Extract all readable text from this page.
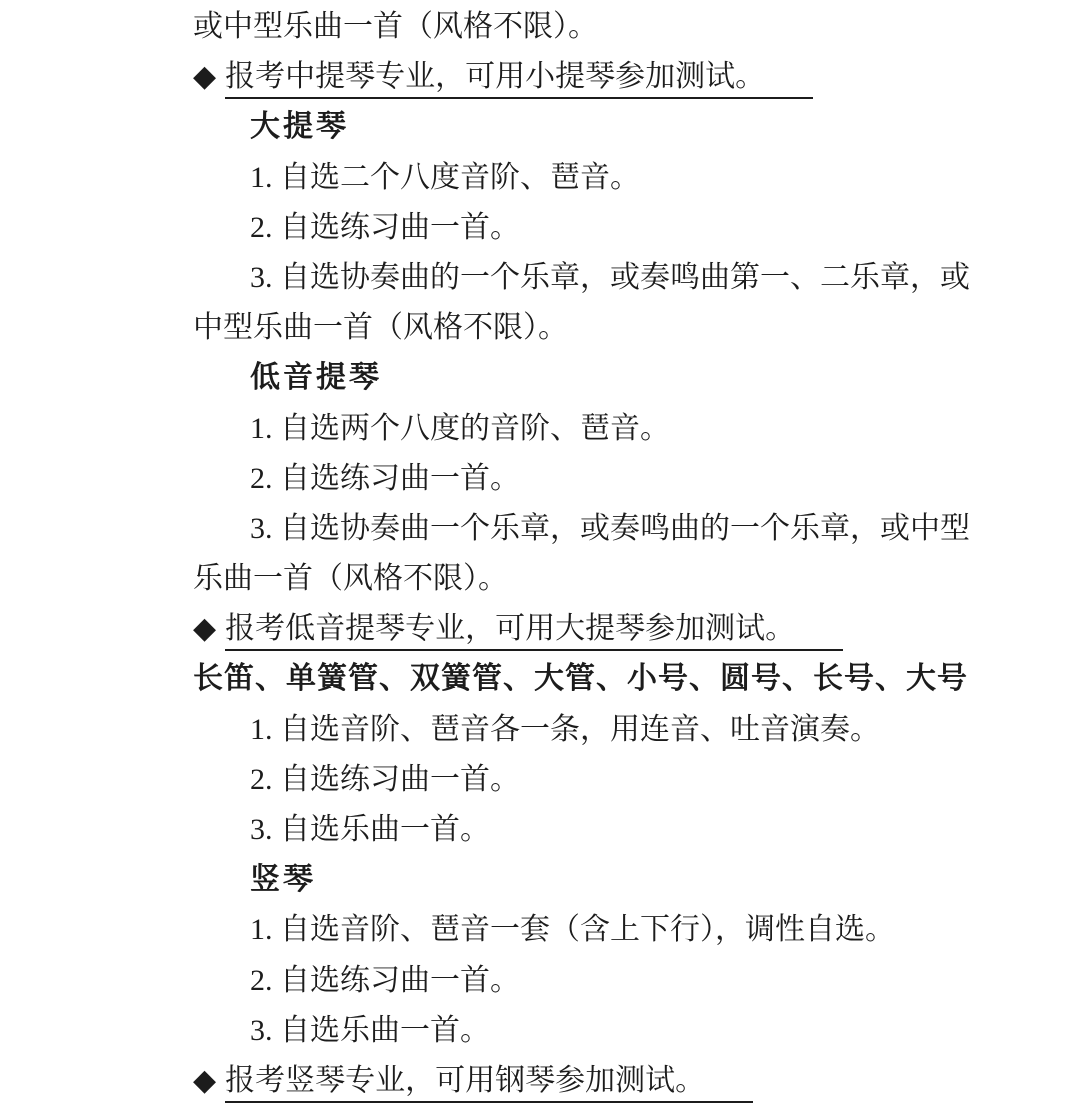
或中型乐曲一首（风格不限）。
◆ 报考中提琴专业，可用小提琴参加测试。
大提琴
1. 自选二个八度音阶、琶音。
2. 自选练习曲一首。
3. 自选协奏曲的一个乐章，或奏鸣曲第一、二乐章，或
中型乐曲一首（风格不限）。
低音提琴
1. 自选两个八度的音阶、琶音。
2. 自选练习曲一首。
3. 自选协奏曲一个乐章，或奏鸣曲的一个乐章，或中型
乐曲一首（风格不限）。
◆ 报考低音提琴专业，可用大提琴参加测试。
长笛、单簧管、双簧管、大管、小号、圆号、长号、大号
1. 自选音阶、琶音各一条，用连音、吐音演奏。
2. 自选练习曲一首。
3. 自选乐曲一首。
竖琴
1. 自选音阶、琶音一套（含上下行），调性自选。
2. 自选练习曲一首。
3. 自选乐曲一首。
◆ 报考竖琴专业，可用钢琴参加测试。
